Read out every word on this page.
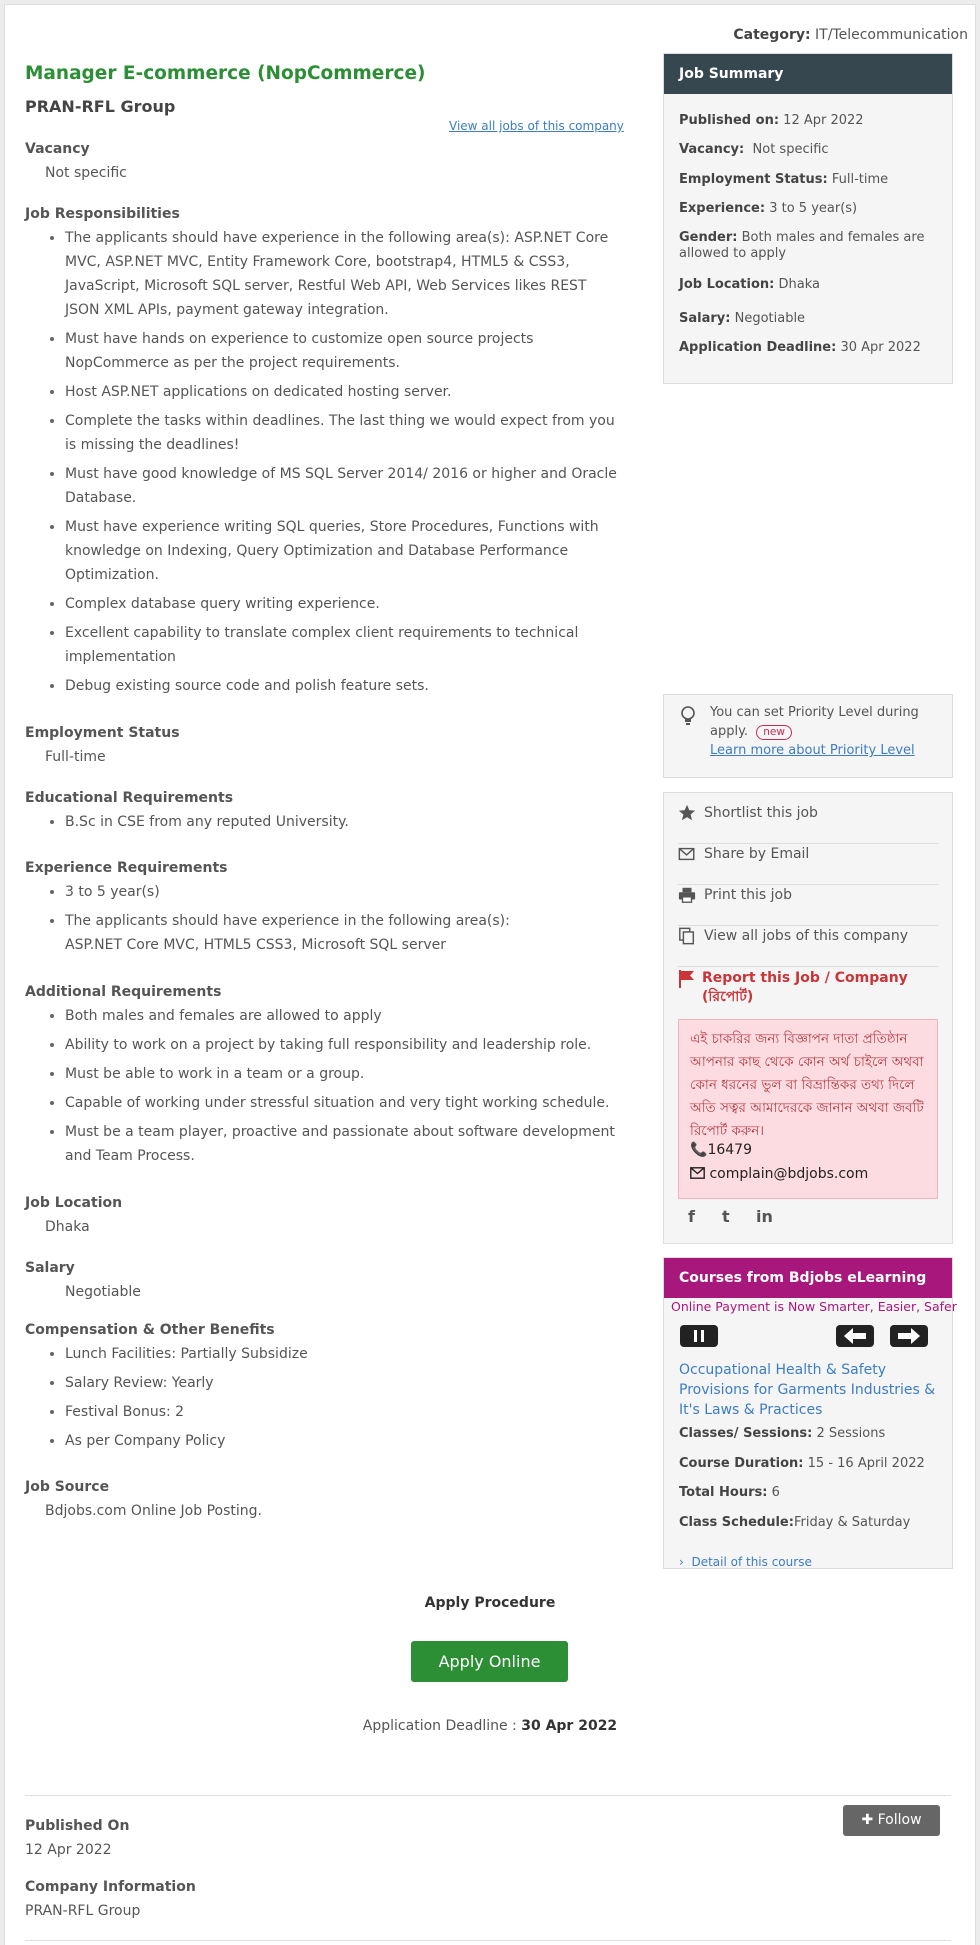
Category: IT/Telecommunication
Manager E-commerce (NopCommerce)
PRAN-RFL Group
View all jobs of this company
Vacancy

Not specific

Job Responsibilities
• The applicants should have experience in the following area(s): ASP.NET Core MVC, ASP.NET MVC, Entity Framework Core, bootstrap4, HTML5 & CSS3, JavaScript, Microsoft SQL server, Restful Web API, Web Services likes REST JSON XML APIs, payment gateway integration.
• Must have hands on experience to customize open source projects NopCommerce as per the project requirements.
• Host ASP.NET applications on dedicated hosting server.
• Complete the tasks within deadlines. The last thing we would expect from you is missing the deadlines!
• Must have good knowledge of MS SQL Server 2014/ 2016 or higher and Oracle Database.
• Must have experience writing SQL queries, Store Procedures, Functions with knowledge on Indexing, Query Optimization and Database Performance Optimization.
• Complex database query writing experience.
• Excellent capability to translate complex client requirements to technical implementation
• Debug existing source code and polish feature sets.
Employment Status

Full-time

Educational Requirements
• B.Sc in CSE from any reputed University.
Experience Requirements
• 3 to 5 year(s)
• The applicants should have experience in the following area(s):
ASP.NET Core MVC, HTML5 CSS3, Microsoft SQL server
Additional Requirements
• Both males and females are allowed to apply
• Ability to work on a project by taking full responsibility and leadership role.
• Must be able to work in a team or a group.
• Capable of working under stressful situation and very tight working schedule.
• Must be a team player, proactive and passionate about software development and Team Process.
Job Location

Dhaka

Salary

Negotiable

Compensation & Other Benefits
• Lunch Facilities: Partially Subsidize
• Salary Review: Yearly
• Festival Bonus: 2
• As per Company Policy
Job Source

Bdjobs.com Online Job Posting.

Job Summary
Published on: 12 Apr 2022
Vacancy: Not specific
Employment Status: Full-time
Experience: 3 to 5 year(s)
Gender: Both males and females are allowed to apply
Job Location: Dhaka
Salary: Negotiable
Application Deadline: 30 Apr 2022
You can set Priority Level during apply. new
Learn more about Priority Level
Shortlist this job
Share by Email
Print this job
View all jobs of this company
Report this Job / Company (রিপোর্ট)
এই চাকরির জন্য বিজ্ঞাপন দাতা প্রতিষ্ঠান আপনার কাছ থেকে কোন অর্থ চাইলে অথবা কোন ধরনের ভুল বা বিভ্রান্তিকর তথ্য দিলে অতি সত্বর আমাদেরকে জানান অথবা জবটি রিপোর্ট করুন।
📞16479
complain@bdjobs.com
f t in
Courses from Bdjobs eLearning
Online Payment is Now Smarter, Easier, Safer
Occupational Health & Safety Provisions for Garments Industries & It's Laws & Practices
Classes/ Sessions: 2 Sessions
Course Duration: 15 - 16 April 2022
Total Hours: 6
Class Schedule:Friday & Saturday
› Detail of this course
Apply Procedure
Apply Online
Application Deadline : 30 Apr 2022
✚ Follow
Published On
12 Apr 2022
Company Information
PRAN-RFL Group
